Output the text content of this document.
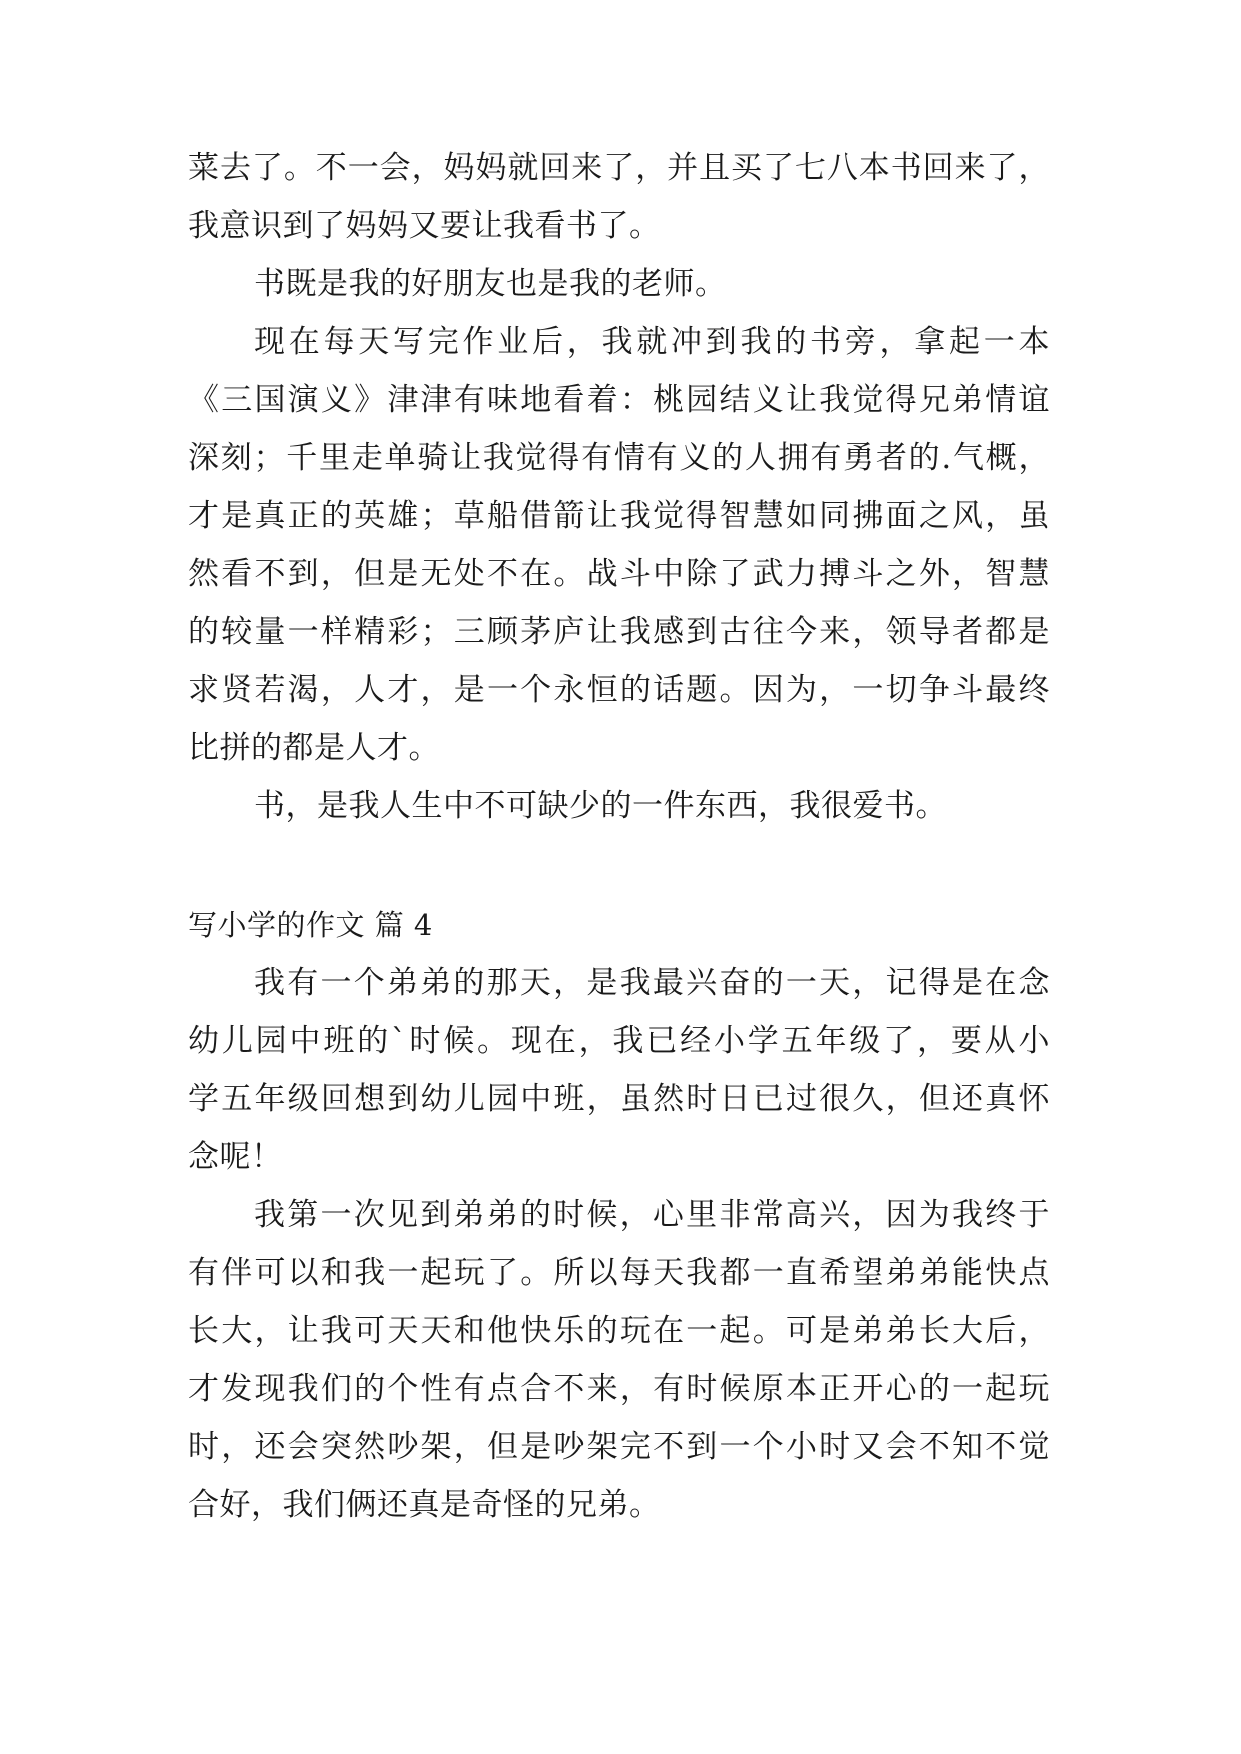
菜去了。不一会，妈妈就回来了，并且买了七八本书回来了，
我意识到了妈妈又要让我看书了。
书既是我的好朋友也是我的老师。
现在每天写完作业后，我就冲到我的书旁，拿起一本
《三国演义》津津有味地看着：桃园结义让我觉得兄弟情谊
深刻；千里走单骑让我觉得有情有义的人拥有勇者的.气概，
才是真正的英雄；草船借箭让我觉得智慧如同拂面之风，虽
然看不到，但是无处不在。战斗中除了武力搏斗之外，智慧
的较量一样精彩；三顾茅庐让我感到古往今来，领导者都是
求贤若渴，人才，是一个永恒的话题。因为，一切争斗最终
比拼的都是人才。
书，是我人生中不可缺少的一件东西，我很爱书。
写小学的作文 篇 4
我有一个弟弟的那天，是我最兴奋的一天，记得是在念
幼儿园中班的`时候。现在，我已经小学五年级了，要从小
学五年级回想到幼儿园中班，虽然时日已过很久，但还真怀
念呢！
我第一次见到弟弟的时候，心里非常高兴，因为我终于
有伴可以和我一起玩了。所以每天我都一直希望弟弟能快点
长大，让我可天天和他快乐的玩在一起。可是弟弟长大后，
才发现我们的个性有点合不来，有时候原本正开心的一起玩
时，还会突然吵架，但是吵架完不到一个小时又会不知不觉
合好，我们俩还真是奇怪的兄弟。
